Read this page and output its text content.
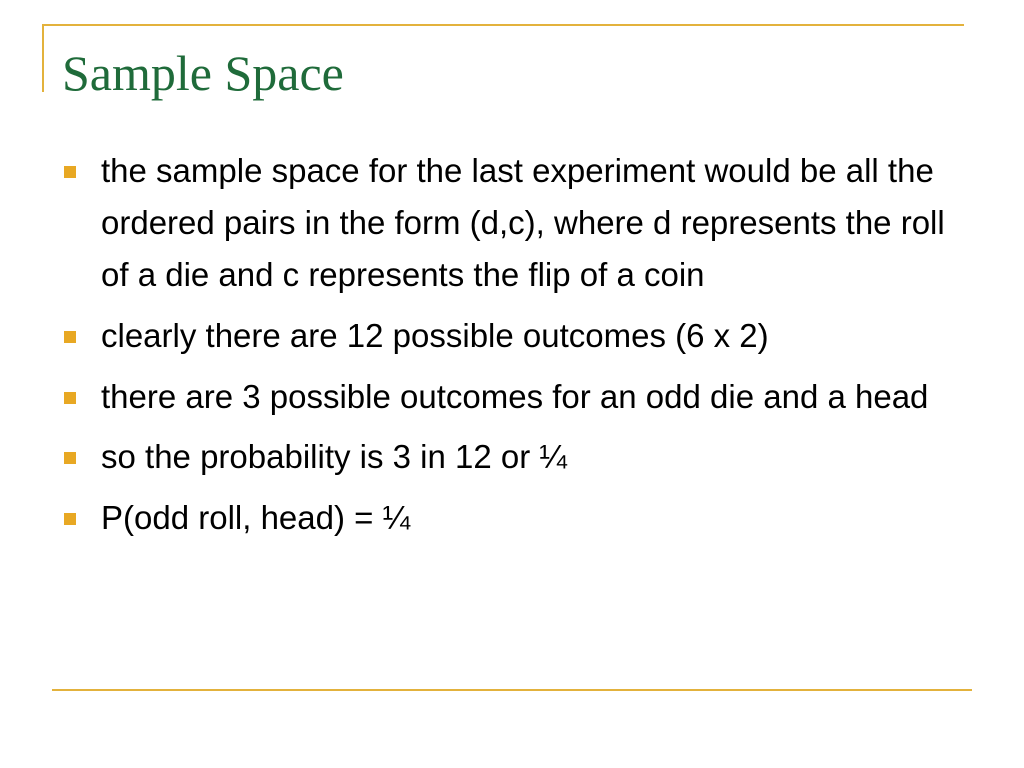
Sample Space
the sample space for the last experiment would be all the ordered pairs in the form (d,c), where d represents the roll of a die and c represents the flip of a coin
clearly there are 12 possible outcomes (6 x 2)
there are 3 possible outcomes for an odd die and a head
so the probability is 3 in 12 or ¼
P(odd roll, head) = ¼
